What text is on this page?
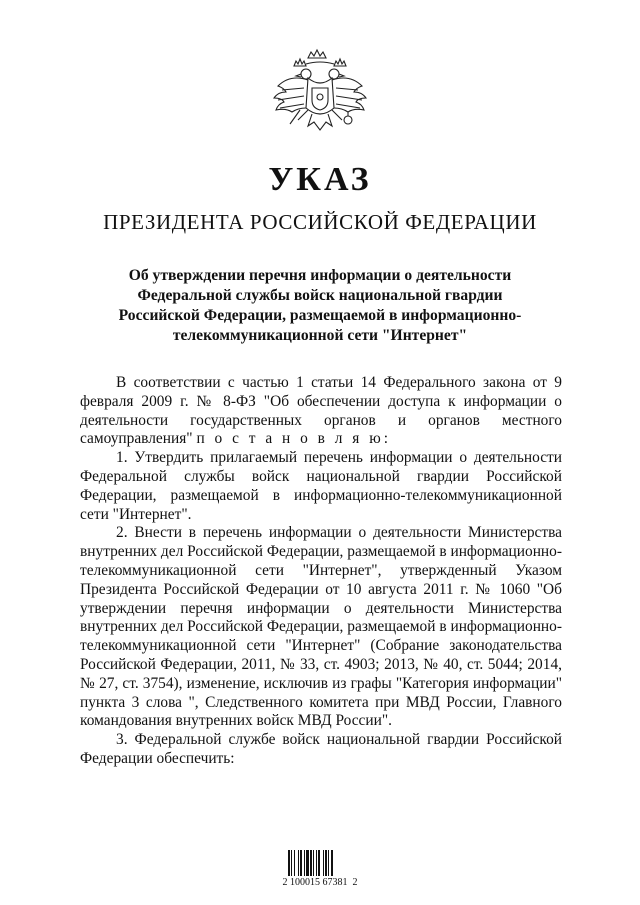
УКАЗ
ПРЕЗИДЕНТА РОССИЙСКОЙ ФЕДЕРАЦИИ
Об утверждении перечня информации о деятельности
Федеральной службы войск национальной гвардии
Российской Федерации, размещаемой в информационно-
телекоммуникационной сети "Интернет"

В соответствии с частью 1 статьи 14 Федерального закона от 9 февраля 2009 г. № 8-ФЗ "Об обеспечении доступа к информации о деятельности государственных органов и органов местного самоуправления" п о с т а н о в л я ю:

1. Утвердить прилагаемый перечень информации о деятельности Федеральной службы войск национальной гвардии Российской Федерации, размещаемой в информационно-телекоммуникационной сети "Интернет".

2. Внести в перечень информации о деятельности Министерства внутренних дел Российской Федерации, размещаемой в информационно-телекоммуникационной сети "Интернет", утвержденный Указом Президента Российской Федерации от 10 августа 2011 г. № 1060 "Об утверждении перечня информации о деятельности Министерства внутренних дел Российской Федерации, размещаемой в информационно-телекоммуникационной сети "Интернет" (Собрание законодательства Российской Федерации, 2011, № 33, ст. 4903; 2013, № 40, ст. 5044; 2014, № 27, ст. 3754), изменение, исключив из графы "Категория информации" пункта 3 слова ", Следственного комитета при МВД России, Главного командования внутренних войск МВД России".

3. Федеральной службе войск национальной гвардии Российской Федерации обеспечить:

2 100015 67381  2
